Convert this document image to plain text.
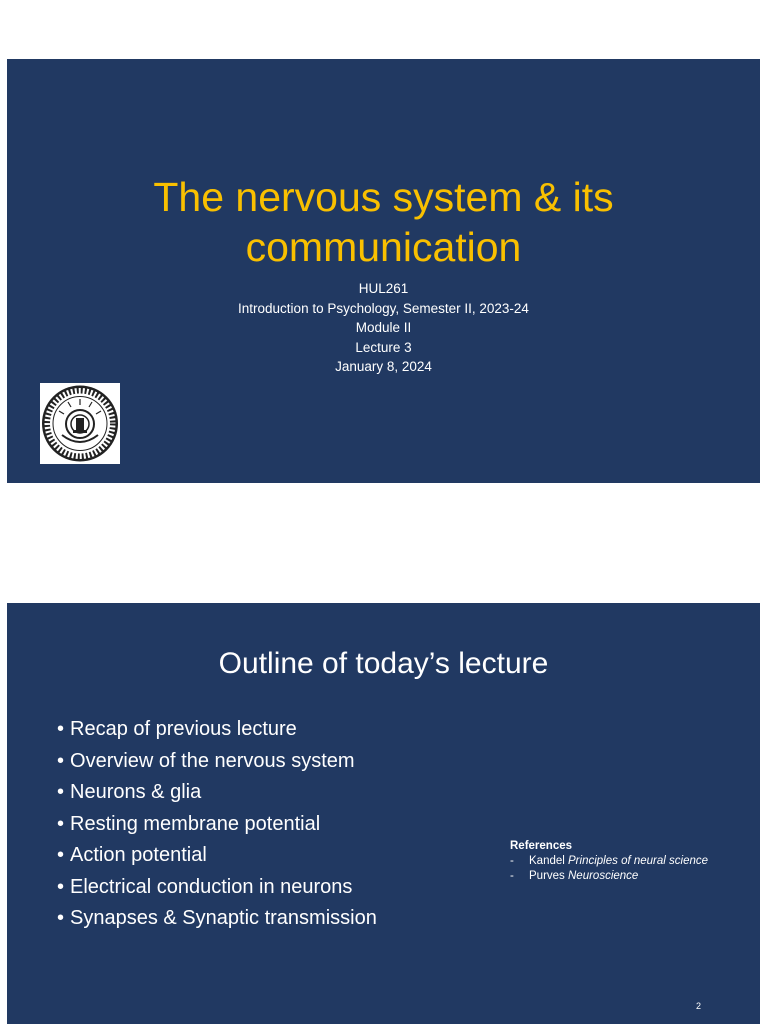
The nervous system & its
communication
HUL261
Introduction to Psychology, Semester II, 2023-24
Module II
Lecture 3
January 8, 2024
Outline of today’s lecture
• Recap of previous lecture
• Overview of the nervous system
• Neurons & glia
• Resting membrane potential
• Action potential
• Electrical conduction in neurons
• Synapses & Synaptic transmission
References
- Kandel Principles of neural science
- Purves Neuroscience
2
